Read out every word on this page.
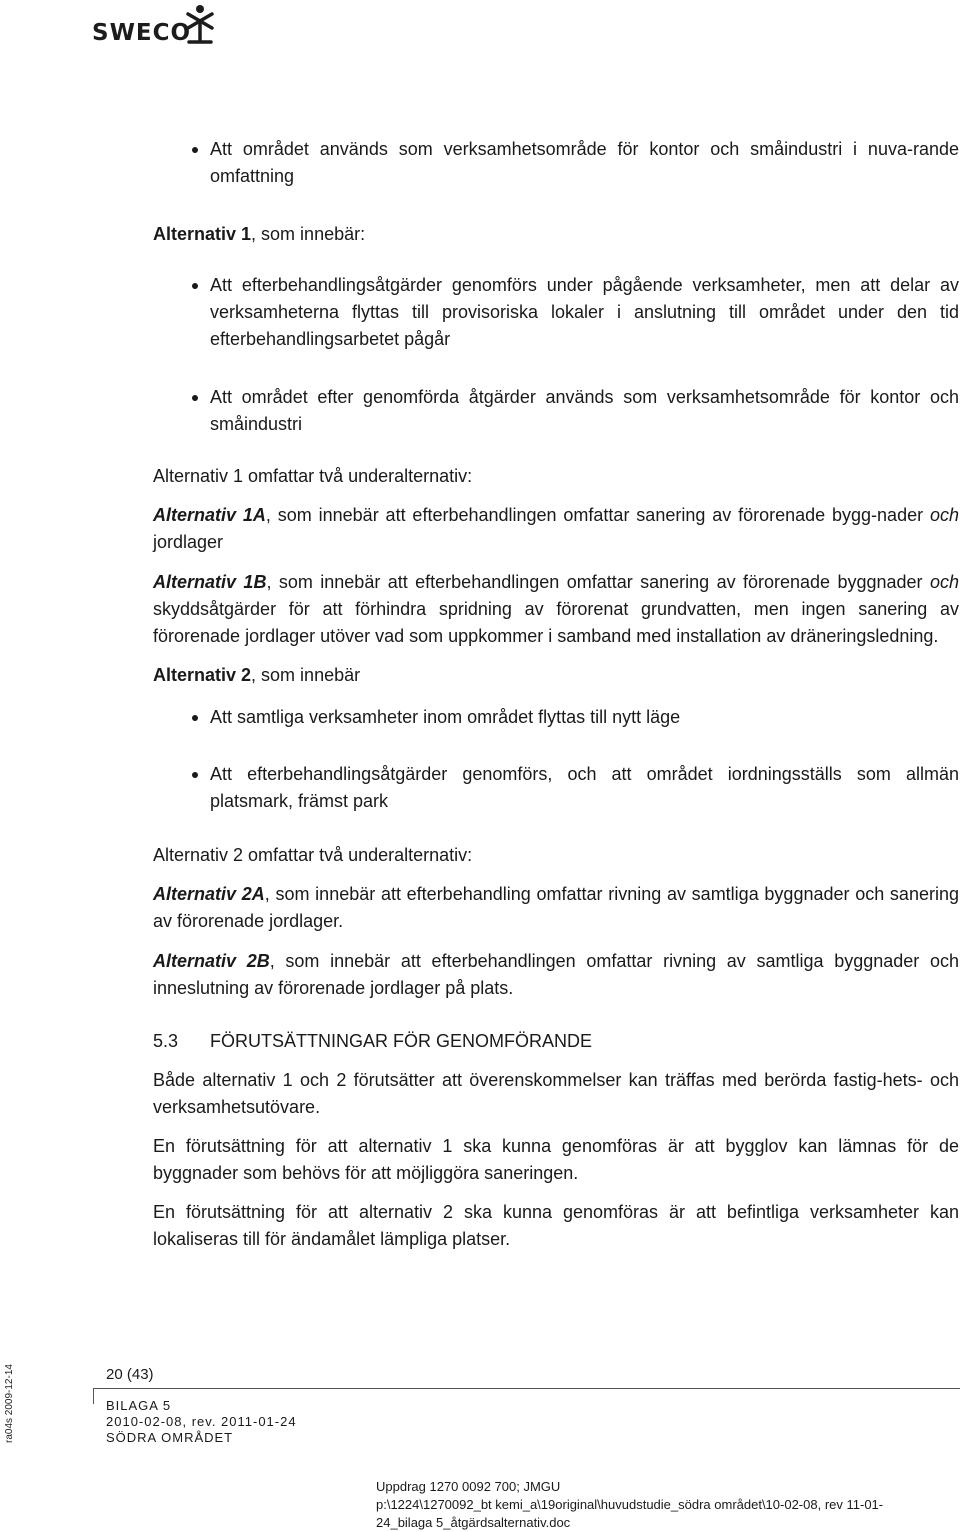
SWECO

Att området används som verksamhetsområde för kontor och småindustri i nuva-rande omfattning

Alternativ 1, som innebär:

Att efterbehandlingsåtgärder genomförs under pågående verksamheter, men att delar av verksamheterna flyttas till provisoriska lokaler i anslutning till området under den tid efterbehandlingsarbetet pågår

Att området efter genomförda åtgärder används som verksamhetsområde för kontor och småindustri

Alternativ 1 omfattar två underalternativ:

Alternativ 1A, som innebär att efterbehandlingen omfattar sanering av förorenade bygg-nader och jordlager

Alternativ 1B, som innebär att efterbehandlingen omfattar sanering av förorenade byggnader och skyddsåtgärder för att förhindra spridning av förorenat grundvatten, men ingen sanering av förorenade jordlager utöver vad som uppkommer i samband med installation av dräneringsledning.

Alternativ 2, som innebär

Att samtliga verksamheter inom området flyttas till nytt läge

Att efterbehandlingsåtgärder genomförs, och att området iordningsställs som allmän platsmark, främst park

Alternativ 2 omfattar två underalternativ:

Alternativ 2A, som innebär att efterbehandling omfattar rivning av samtliga byggnader och sanering av förorenade jordlager.

Alternativ 2B, som innebär att efterbehandlingen omfattar rivning av samtliga byggnader och inneslutning av förorenade jordlager på plats.

5.3	FÖRUTSÄTTNINGAR FÖR GENOMFÖRANDE

Både alternativ 1 och 2 förutsätter att överenskommelser kan träffas med berörda fastig-hets- och verksamhetsutövare.

En förutsättning för att alternativ 1 ska kunna genomföras är att bygglov kan lämnas för de byggnader som behövs för att möjliggöra saneringen.

En förutsättning för att alternativ 2 ska kunna genomföras är att befintliga verksamheter kan lokaliseras till för ändamålet lämpliga platser.

ra04s 2009-12-14	20 (43)
BILAGA 5
2010-02-08, rev. 2011-01-24
SÖDRA OMRÅDET
Uppdrag 1270 0092 700; JMGU
p:\1224\1270092_bt kemi_a\19original\huvudstudie_södra området\10-02-08, rev 11-01-
24_bilaga 5_åtgärdsalternativ.doc
